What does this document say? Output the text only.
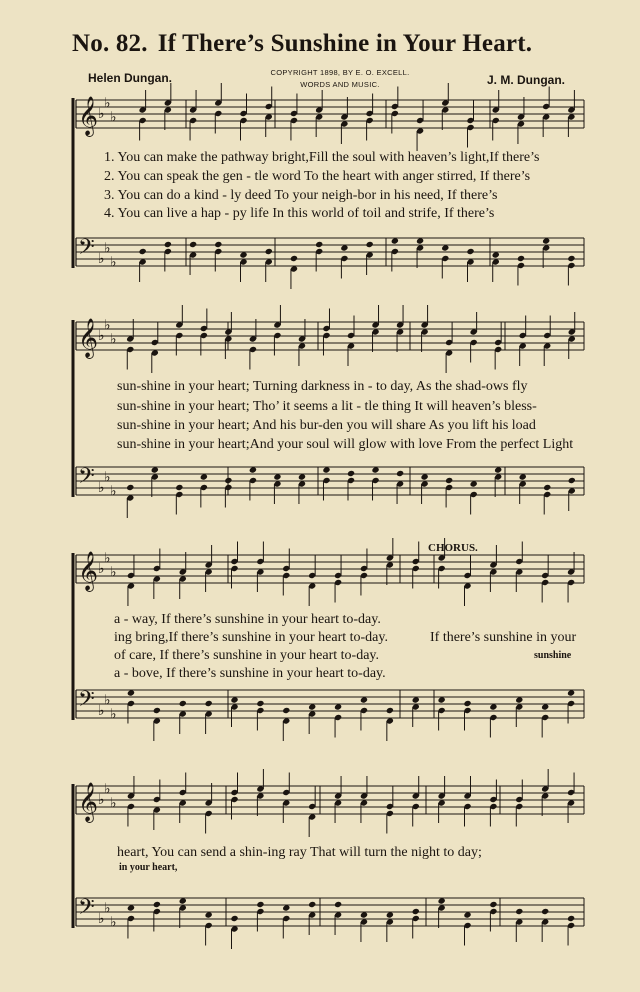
No. 82. If There’s Sunshine in Your Heart.
Helen Dungan.	COPYRIGHT 1898, BY E. O. EXCELL.
WORDS AND MUSIC.	J. M. Dungan.
𝄞 ♭
♭
♭
𝄢 ♭
♭
♭
𝄞 ♭
♭
♭
𝄢 ♭
♭
♭
𝄞 ♭
♭
♭
𝄢 ♭
♭
♭
𝄞 ♭
♭
♭
𝄢 ♭
♭
♭
1. You can make the pathway bright,Fill the soul with heaven’s light,If there’s
2. You can speak the gen - tle word To the heart with anger stirred, If there’s
3. You can do a kind - ly deed To your neigh-bor in his need, If there’s
4. You can live a hap - py life In this world of toil and strife, If there’s
sun-shine in your heart; Turning darkness in - to day, As the shad-ows fly
sun-shine in your heart; Tho’ it seems a lit - tle thing It will heaven’s bless-
sun-shine in your heart; And his bur-den you will share As you lift his load
sun-shine in your heart;And your soul will glow with love From the perfect Light
CHORUS.
a - way, If there’s sunshine in your heart to-day.
ing bring,If there’s sunshine in your heart to-day.	If there’s sunshine in your
of care, If there’s sunshine in your heart to-day.	sunshine
a - bove, If there’s sunshine in your heart to-day.
heart, You can send a shin-ing ray That will turn the night to day;
in your heart,
